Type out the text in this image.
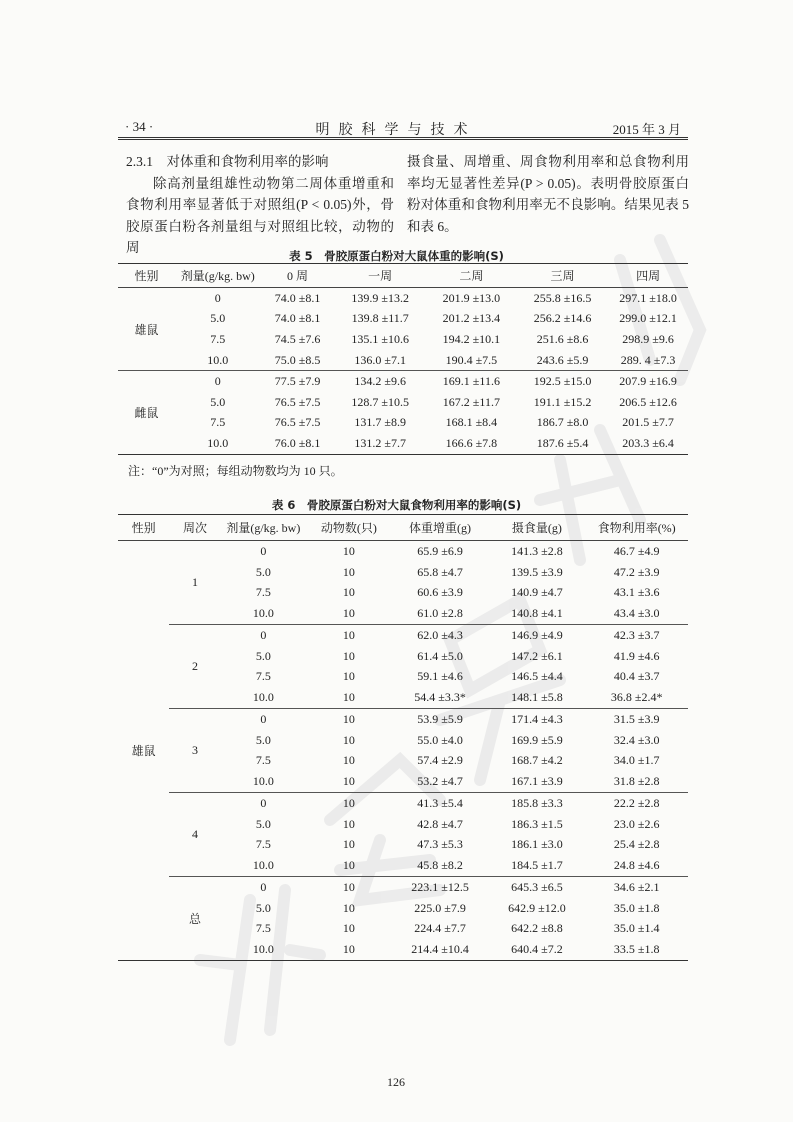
· 34 ·	明胶科学与技术	2015 年 3 月
2.3.1　对体重和食物利用率的影响
除高剂量组雄性动物第二周体重增重和食物利用率显著低于对照组(P < 0.05)外，骨胶原蛋白粉各剂量组与对照组比较，动物的周
摄食量、周增重、周食物利用率和总食物利用率均无显著性差异(P > 0.05)。表明骨胶原蛋白粉对体重和食物利用率无不良影响。结果见表 5 和表 6。
表 5　骨胶原蛋白粉对大鼠体重的影响(S)
性别	剂量(g/kg. bw)	0 周	一周	二周	三周	四周
雄鼠	0	74.0 ±8.1	139.9 ±13.2	201.9 ±13.0	255.8 ±16.5	297.1 ±18.0
	5.0	74.0 ±8.1	139.8 ±11.7	201.2 ±13.4	256.2 ±14.6	299.0 ±12.1
	7.5	74.5 ±7.6	135.1 ±10.6	194.2 ±10.1	251.6 ±8.6	298.9 ±9.6
	10.0	75.0 ±8.5	136.0 ±7.1	190.4 ±7.5	243.6 ±5.9	289. 4 ±7.3
雌鼠	0	77.5 ±7.9	134.2 ±9.6	169.1 ±11.6	192.5 ±15.0	207.9 ±16.9
	5.0	76.5 ±7.5	128.7 ±10.5	167.2 ±11.7	191.1 ±15.2	206.5 ±12.6
	7.5	76.5 ±7.5	131.7 ±8.9	168.1 ±8.4	186.7 ±8.0	201.5 ±7.7
	10.0	76.0 ±8.1	131.2 ±7.7	166.6 ±7.8	187.6 ±5.4	203.3 ±6.4
注：“0”为对照；每组动物数均为 10 只。
表 6　骨胶原蛋白粉对大鼠食物利用率的影响(S)
性别	周次	剂量(g/kg. bw)	动物数(只)	体重增重(g)	摄食量(g)	食物利用率(%)
雄鼠	1	0	10	65.9 ±6.9	141.3 ±2.8	46.7 ±4.9
		5.0	10	65.8 ±4.7	139.5 ±3.9	47.2 ±3.9
		7.5	10	60.6 ±3.9	140.9 ±4.7	43.1 ±3.6
		10.0	10	61.0 ±2.8	140.8 ±4.1	43.4 ±3.0
	2	0	10	62.0 ±4.3	146.9 ±4.9	42.3 ±3.7
		5.0	10	61.4 ±5.0	147.2 ±6.1	41.9 ±4.6
		7.5	10	59.1 ±4.6	146.5 ±4.4	40.4 ±3.7
		10.0	10	54.4 ±3.3*	148.1 ±5.8	36.8 ±2.4*
	3	0	10	53.9 ±5.9	171.4 ±4.3	31.5 ±3.9
		5.0	10	55.0 ±4.0	169.9 ±5.9	32.4 ±3.0
		7.5	10	57.4 ±2.9	168.7 ±4.2	34.0 ±1.7
		10.0	10	53.2 ±4.7	167.1 ±3.9	31.8 ±2.8
	4	0	10	41.3 ±5.4	185.8 ±3.3	22.2 ±2.8
		5.0	10	42.8 ±4.7	186.3 ±1.5	23.0 ±2.6
		7.5	10	47.3 ±5.3	186.1 ±3.0	25.4 ±2.8
		10.0	10	45.8 ±8.2	184.5 ±1.7	24.8 ±4.6
	总	0	10	223.1 ±12.5	645.3 ±6.5	34.6 ±2.1
		5.0	10	225.0 ±7.9	642.9 ±12.0	35.0 ±1.8
		7.5	10	224.4 ±7.7	642.2 ±8.8	35.0 ±1.4
		10.0	10	214.4 ±10.4	640.4 ±7.2	33.5 ±1.8
126
